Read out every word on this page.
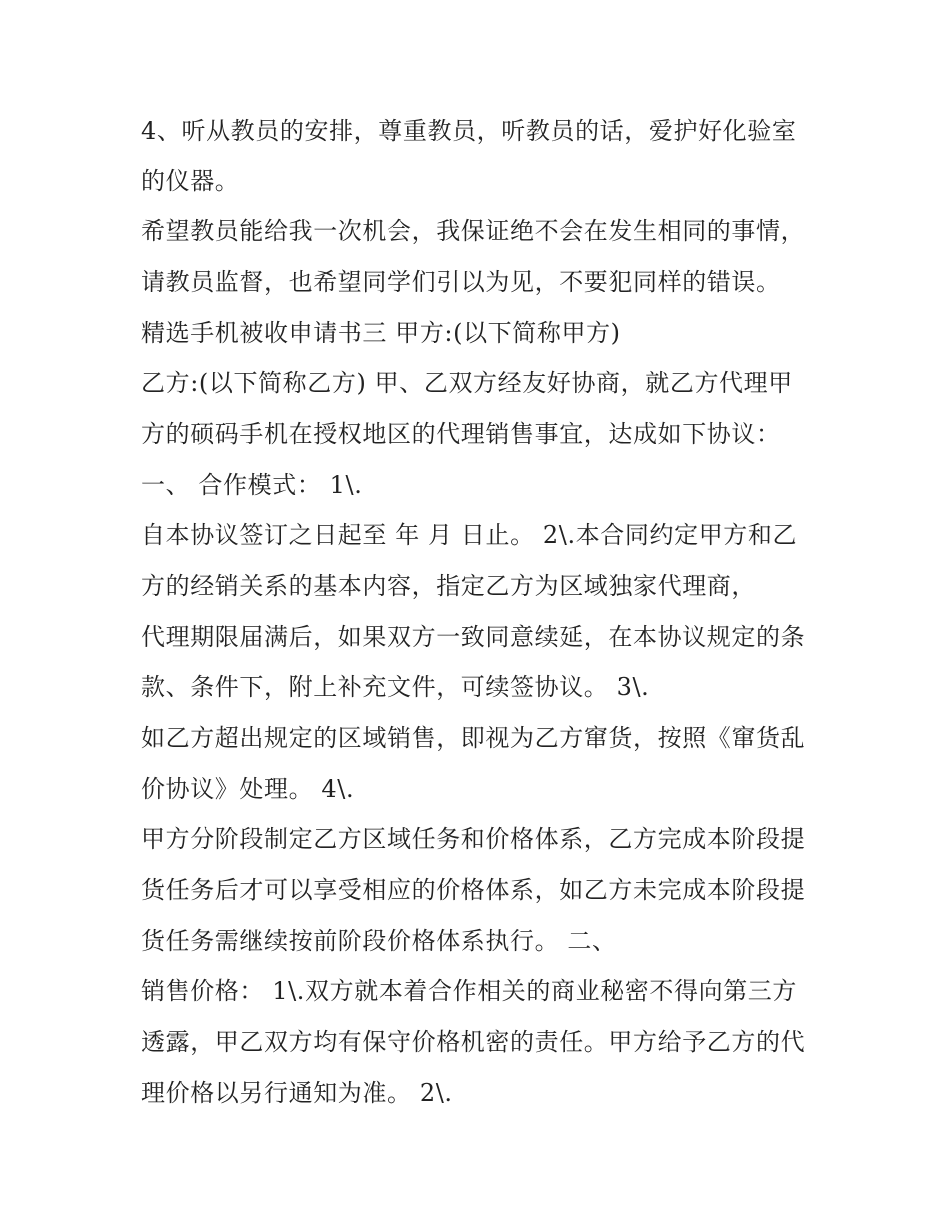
4、听从教员的安排，尊重教员，听教员的话，爱护好化验室
的仪器。
希望教员能给我一次机会，我保证绝不会在发生相同的事情，
请教员监督，也希望同学们引以为见，不要犯同样的错误。
精选手机被收申请书三 甲方:(以下简称甲方)
乙方:(以下简称乙方) 甲、乙双方经友好协商，就乙方代理甲
方的硕码手机在授权地区的代理销售事宜，达成如下协议：
一、 合作模式： 1\.
自本协议签订之日起至 年 月 日止。 2\.本合同约定甲方和乙
方的经销关系的基本内容，指定乙方为区域独家代理商，
代理期限届满后，如果双方一致同意续延，在本协议规定的条
款、条件下，附上补充文件，可续签协议。 3\.
如乙方超出规定的区域销售，即视为乙方窜货，按照《窜货乱
价协议》处理。 4\.
甲方分阶段制定乙方区域任务和价格体系，乙方完成本阶段提
货任务后才可以享受相应的价格体系，如乙方未完成本阶段提
货任务需继续按前阶段价格体系执行。 二、
销售价格： 1\.双方就本着合作相关的商业秘密不得向第三方
透露，甲乙双方均有保守价格机密的责任。甲方给予乙方的代
理价格以另行通知为准。 2\.
